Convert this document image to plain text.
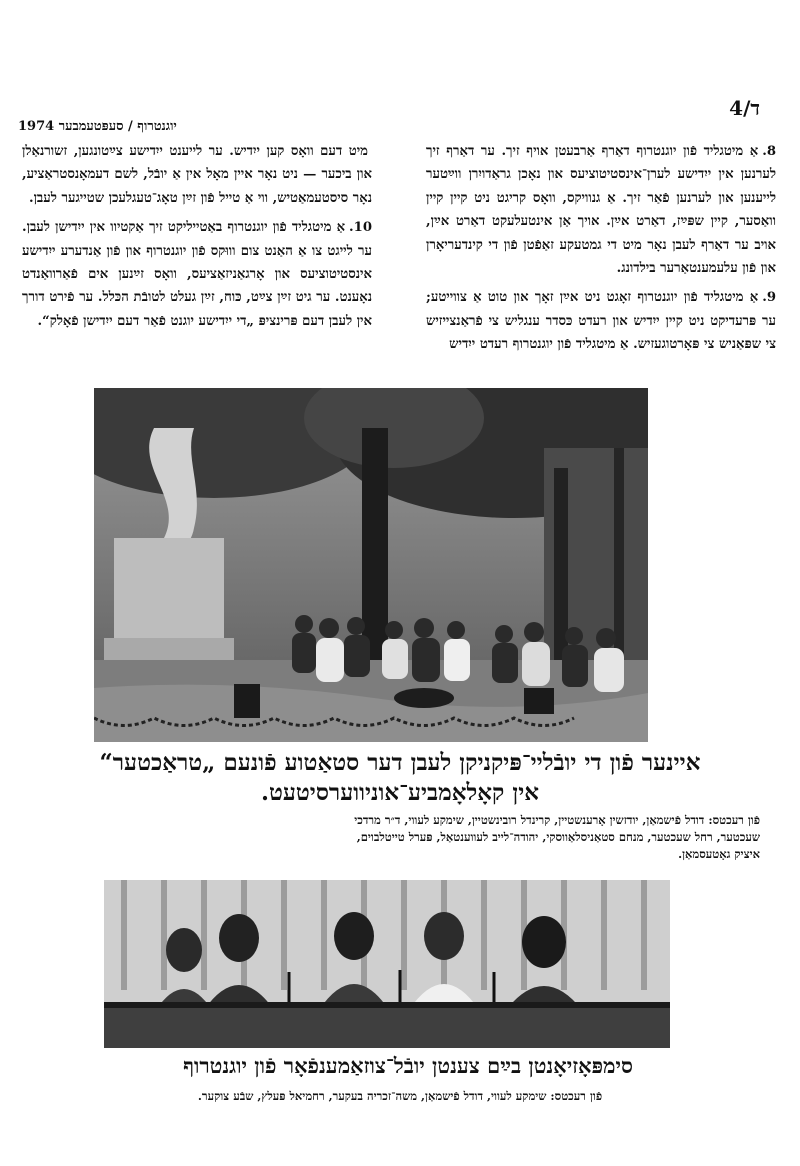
ד/4
יוגנטרוף / סעפּטעמבער 1974

8.אַ מיטגליד פֿון יוגנטרוף דאַרף אַרבעטן אויף זיך. ער דאַרף זיך לערנען אין ייִדישע לערן־אינסטיטוציעס און נאָכן גראַדויִרן ווײַטער לייענען און לערנען פֿאַר זיך. אַ גנוויקס, וואָס קריגט ניט קיין קיין וואַסער, קיין שפּײַז, דאַרט אײַן. אויך אַן אינטעלעקט דאַרט אײַן, אויב ער דאַרף לעבן נאָר מיט די גמטעקע זאַפֿטן פֿון די קינדעריאָרן און פֿון עלעמענטאַרער בילדונג.

9.אַ מיטגליד פֿון יוגנטרוף זאָגט ניט אײַן זאָך און טוט אַ צווייטע; ער פּרעדיקט ניט קיין ייִדיש און רעדט כּסדר ענגליש צי פֿראַנצייזיש צי שפּאַניש צי פּאָרטוגעזיש. אַ מיטגליד פֿון יוגנטרוף רעדט ייִדיש

מיט דעם וואָס קען ייִדיש. ער לייענט ייִדישע צײַטונגען, זשורנאַלן און ביכער — ניט נאָר איין מאָל אין אַ יובֿל, לשם דעמאָנסטראַציע, נאָר סיסטעמאַטיש, ווי אַ טייל פֿון זײַן טאָג־טעגלעכן שטייגער לעבן.

10.אַ מיטגליד פֿון יוגנטרוף באַטייליקט זיך אַקטיוו אין ייִדישן לעבן. ער לייגט צו אַ האַנט צום וווּקס פֿון יוגנטרוף און פֿון אַנדערע ייִדישע אינסטיטוציעס און אָרגאַניזאַציעס, וואָס זײַנען אים פֿאַרוואַנדט נאָענט. ער גיט זײַן צײַט, כּוח, זײַן געלט לטובֿת הכּלל. ער פֿירט דורך אין לעבן דעם פּרינציפּ „די ייִדישע יוגנט פֿאַר דעם ייִדישן פֿאָלק“.

איינער פֿון די יובֿליי־פּיקניקן לעבן דער סטאַטוע פֿונעם „טראַכטער“
אין קאָלאָמביע־אוניווערסיטעט.
פֿון רעכטס: דודל פֿישמאַן, יודזשין אָרענשטיין, קרינדל רובינשטיין, שימקע לעווי, ד״ר מרדכי
שעכטער, רחל שעכטער, מנחם סטאַניסלאַווסקי, יהודה־לייב לעווענטאַל, פּערל טייטלבוים,
איציק גאָטעסמאַן.
סימפּאָזיאָנטן בײַם צענטן יובֿל־צוזאַמענפֿאָר פֿון יוגנטרוף
פֿון רעכטס: שימקע לעווי, דודל פֿישמאַן, משה־זכריה בעקער, רחמיאל פּעלץ, שבֿע צוקער.
